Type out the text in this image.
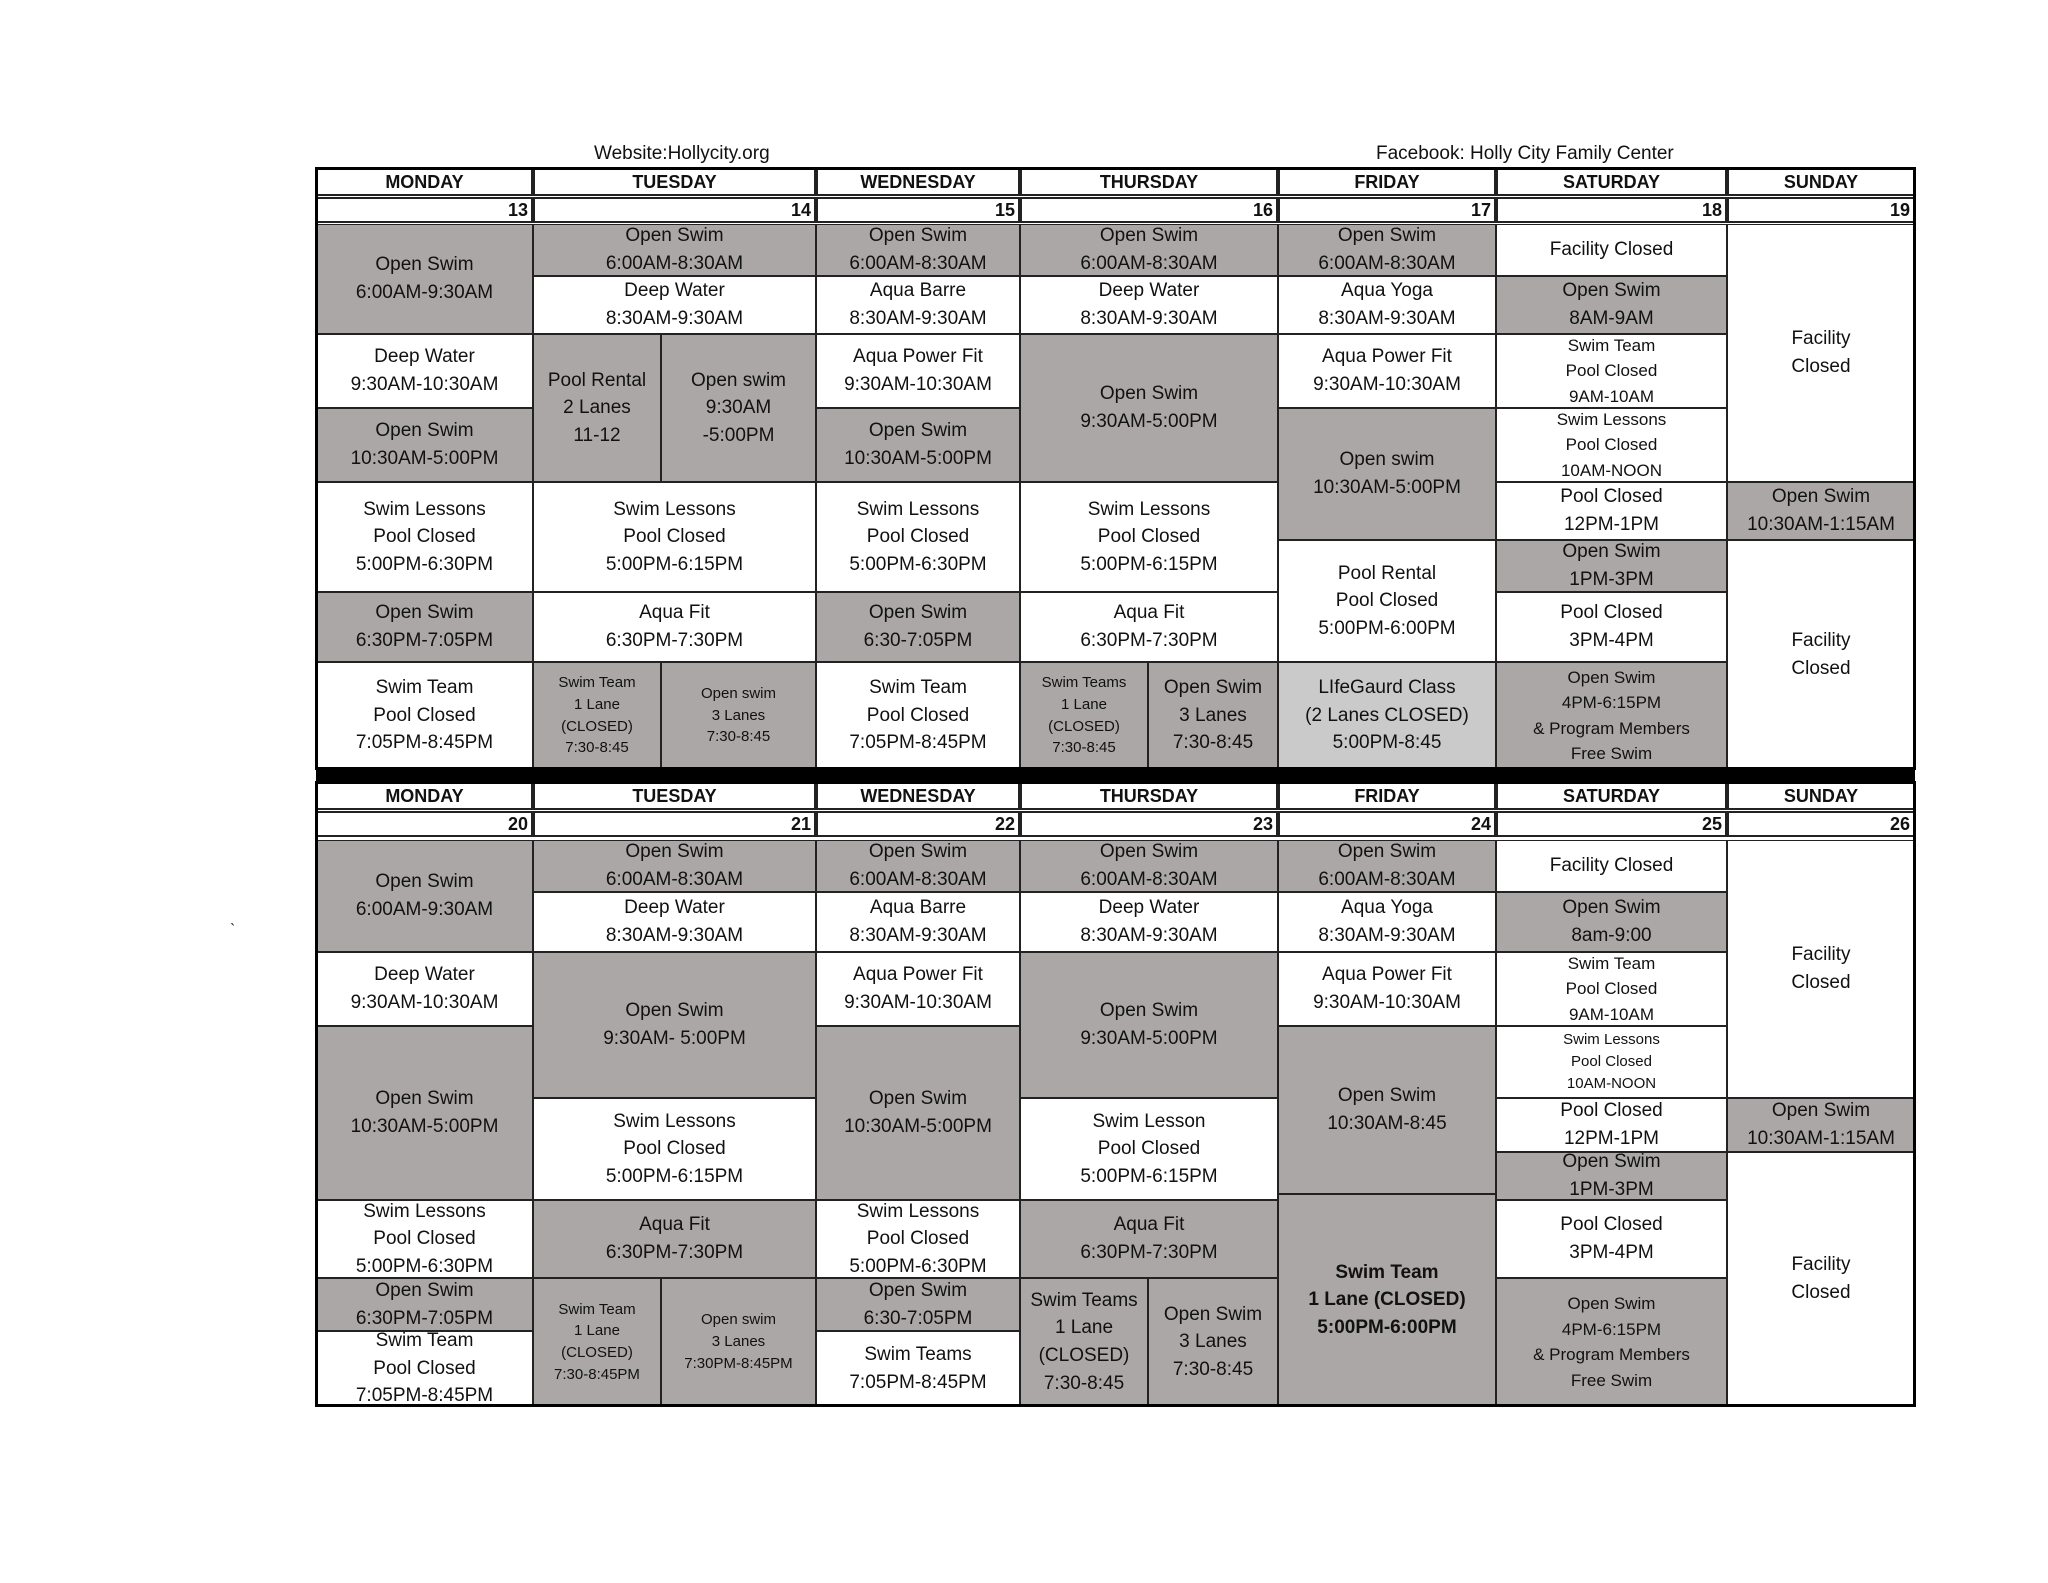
Website:Hollycity.org	Facebook: Holly City Family Center
`
MONDAY
13
TUESDAY
14
WEDNESDAY
15
THURSDAY
16
FRIDAY
17
SATURDAY
18
SUNDAY
19
Open Swim
6:00AM-9:30AM
Deep Water
9:30AM-10:30AM
Open Swim
10:30AM-5:00PM
Swim Lessons
Pool Closed
5:00PM-6:30PM
Open Swim
6:30PM-7:05PM
Swim Team
Pool Closed
7:05PM-8:45PM
Open Swim
6:00AM-8:30AM
Deep Water
8:30AM-9:30AM
Pool Rental
2 Lanes
11-12
Open swim
9:30AM
-5:00PM
Swim Lessons
Pool Closed
5:00PM-6:15PM
Aqua Fit
6:30PM-7:30PM
Swim Team
1 Lane
(CLOSED)
7:30-8:45
Open swim
3 Lanes
7:30-8:45
Open Swim
6:00AM-8:30AM
Aqua Barre
8:30AM-9:30AM
Aqua Power Fit
9:30AM-10:30AM
Open Swim
10:30AM-5:00PM
Swim Lessons
Pool Closed
5:00PM-6:30PM
Open Swim
6:30-7:05PM
Swim Team
Pool Closed
7:05PM-8:45PM
Open Swim
6:00AM-8:30AM
Deep Water
8:30AM-9:30AM
Open Swim
9:30AM-5:00PM
Swim Lessons
Pool Closed
5:00PM-6:15PM
Aqua Fit
6:30PM-7:30PM
Swim Teams
1 Lane
(CLOSED)
7:30-8:45
Open Swim
3 Lanes
7:30-8:45
Open Swim
6:00AM-8:30AM
Aqua Yoga
8:30AM-9:30AM
Aqua Power Fit
9:30AM-10:30AM
Open swim
10:30AM-5:00PM
Pool Rental
Pool Closed
5:00PM-6:00PM
LIfeGaurd Class
(2 Lanes CLOSED)
5:00PM-8:45
Facility Closed
Open Swim
8AM-9AM
Swim Team
Pool Closed
9AM-10AM
Swim Lessons
Pool Closed
10AM-NOON
Pool Closed
12PM-1PM
Open Swim
1PM-3PM
Pool Closed
3PM-4PM
Open Swim
4PM-6:15PM
& Program Members
Free Swim
Facility
Closed
Open Swim
10:30AM-1:15AM
Facility
Closed
MONDAY
20
TUESDAY
21
WEDNESDAY
22
THURSDAY
23
FRIDAY
24
SATURDAY
25
SUNDAY
26
Open Swim
6:00AM-9:30AM
Deep Water
9:30AM-10:30AM
Open Swim
10:30AM-5:00PM
Swim Lessons
Pool Closed
5:00PM-6:30PM
Open Swim
6:30PM-7:05PM
Swim Team
Pool Closed
7:05PM-8:45PM
Open Swim
6:00AM-8:30AM
Deep Water
8:30AM-9:30AM
Open Swim
9:30AM- 5:00PM
Swim Lessons
Pool Closed
5:00PM-6:15PM
Aqua Fit
6:30PM-7:30PM
Swim Team
1 Lane
(CLOSED)
7:30-8:45PM
Open swim
3 Lanes
7:30PM-8:45PM
Open Swim
6:00AM-8:30AM
Aqua Barre
8:30AM-9:30AM
Aqua Power Fit
9:30AM-10:30AM
Open Swim
10:30AM-5:00PM
Swim Lessons
Pool Closed
5:00PM-6:30PM
Open Swim
6:30-7:05PM
Swim Teams
7:05PM-8:45PM
Open Swim
6:00AM-8:30AM
Deep Water
8:30AM-9:30AM
Open Swim
9:30AM-5:00PM
Swim Lesson
Pool Closed
5:00PM-6:15PM
Aqua Fit
6:30PM-7:30PM
Swim Teams
1 Lane
(CLOSED)
7:30-8:45
Open Swim
3 Lanes
7:30-8:45
Open Swim
6:00AM-8:30AM
Aqua Yoga
8:30AM-9:30AM
Aqua Power Fit
9:30AM-10:30AM
Open Swim
10:30AM-8:45
Swim Team
1 Lane (CLOSED)
5:00PM-6:00PM
Facility Closed
Open Swim
8am-9:00
Swim Team
Pool Closed
9AM-10AM
Swim Lessons
Pool Closed
10AM-NOON
Pool Closed
12PM-1PM
Open Swim
1PM-3PM
Pool Closed
3PM-4PM
Open Swim
4PM-6:15PM
& Program Members
Free Swim
Facility
Closed
Open Swim
10:30AM-1:15AM
Facility
Closed
